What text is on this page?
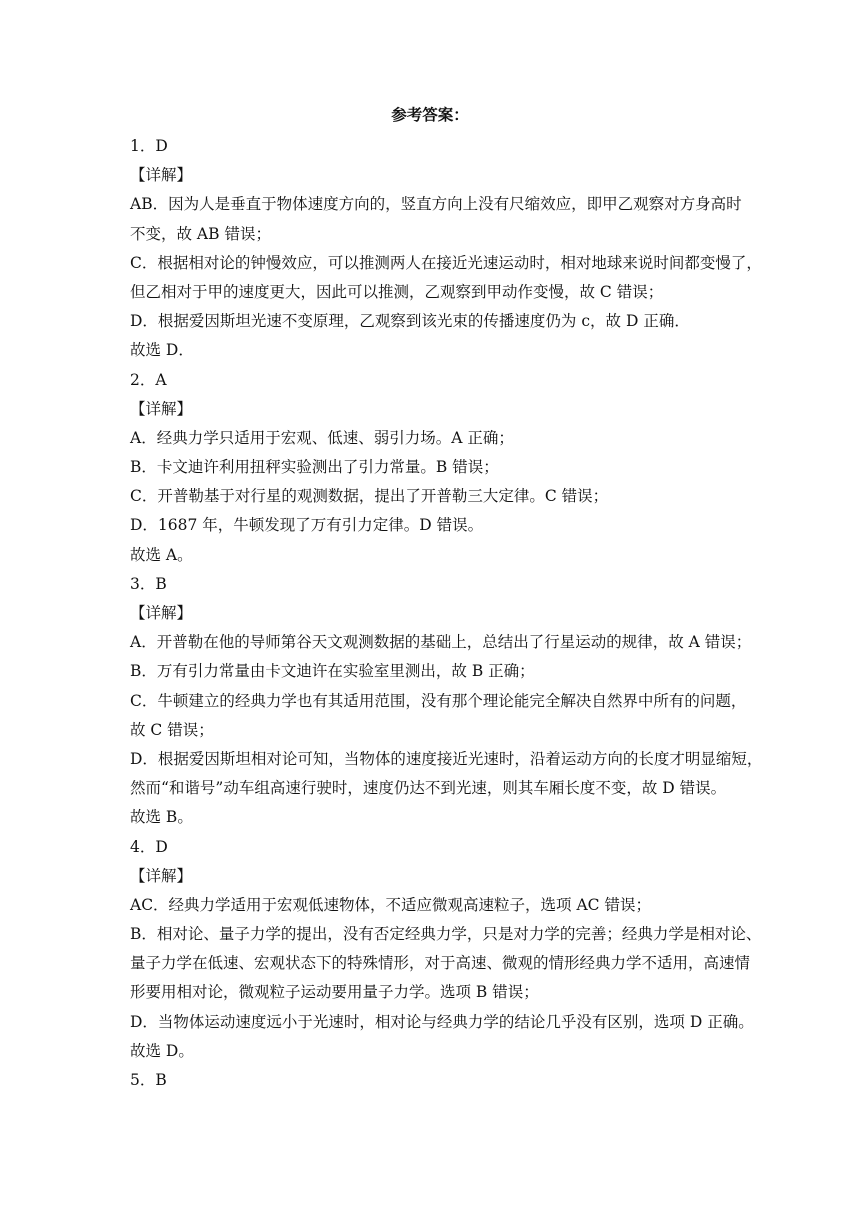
参考答案：
1．D
【详解】
AB．因为人是垂直于物体速度方向的，竖直方向上没有尺缩效应，即甲乙观察对方身高时
不变，故 AB 错误；
C．根据相对论的钟慢效应，可以推测两人在接近光速运动时，相对地球来说时间都变慢了，
但乙相对于甲的速度更大，因此可以推测，乙观察到甲动作变慢，故 C 错误；
D．根据爱因斯坦光速不变原理，乙观察到该光束的传播速度仍为 c，故 D 正确．
故选 D．
2．A
【详解】
A．经典力学只适用于宏观、低速、弱引力场。A 正确；
B．卡文迪许利用扭秤实验测出了引力常量。B 错误；
C．开普勒基于对行星的观测数据，提出了开普勒三大定律。C 错误；
D．1687 年，牛顿发现了万有引力定律。D 错误。
故选 A。
3．B
【详解】
A．开普勒在他的导师第谷天文观测数据的基础上，总结出了行星运动的规律，故 A 错误；
B．万有引力常量由卡文迪许在实验室里测出，故 B 正确；
C．牛顿建立的经典力学也有其适用范围，没有那个理论能完全解决自然界中所有的问题，
故 C 错误；
D．根据爱因斯坦相对论可知，当物体的速度接近光速时，沿着运动方向的长度才明显缩短，
然而“和谐号”动车组高速行驶时，速度仍达不到光速，则其车厢长度不变，故 D 错误。
故选 B。
4．D
【详解】
AC．经典力学适用于宏观低速物体，不适应微观高速粒子，选项 AC 错误；
B．相对论、量子力学的提出，没有否定经典力学，只是对力学的完善；经典力学是相对论、
量子力学在低速、宏观状态下的特殊情形，对于高速、微观的情形经典力学不适用，高速情
形要用相对论，微观粒子运动要用量子力学。选项 B 错误；
D．当物体运动速度远小于光速时，相对论与经典力学的结论几乎没有区别，选项 D 正确。
故选 D。
5．B
